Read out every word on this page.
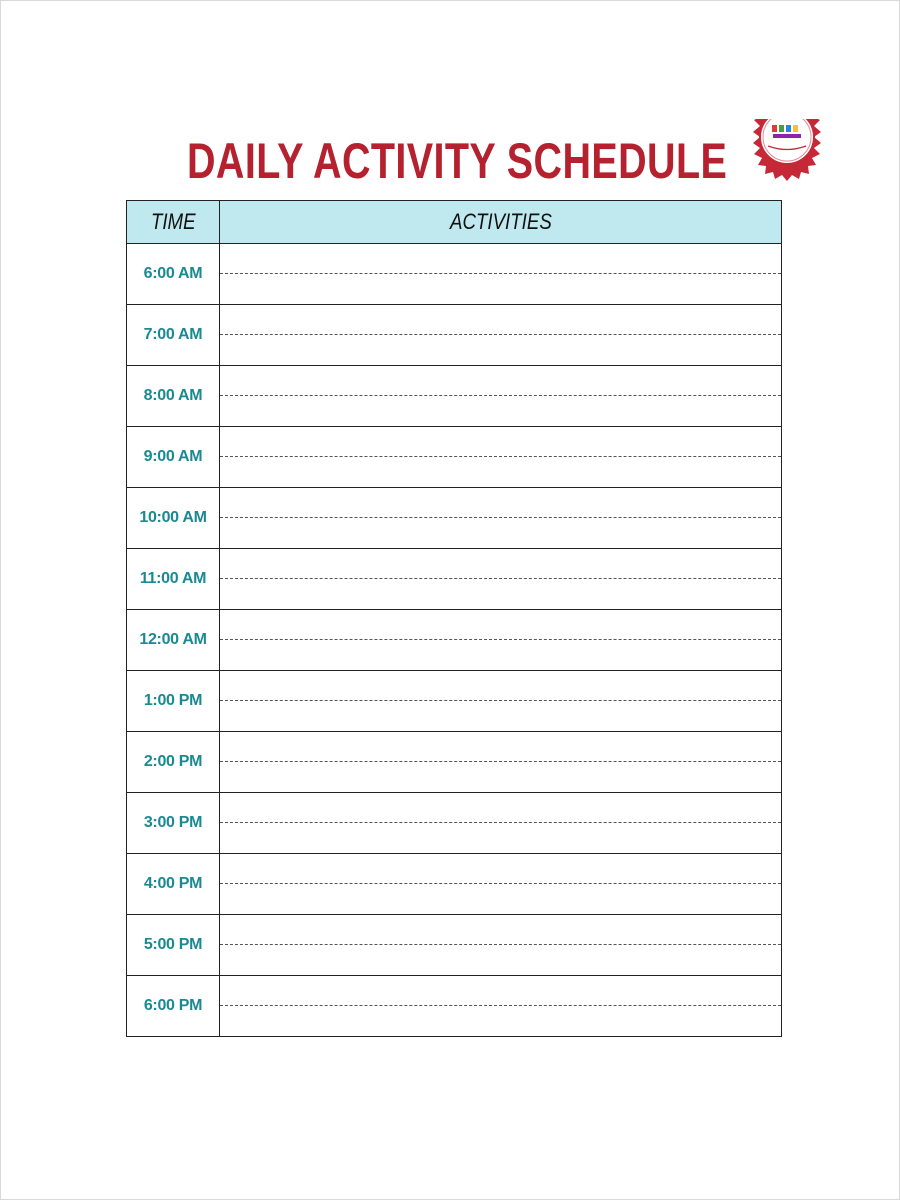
DAILY ACTIVITY SCHEDULE
TIME	ACTIVITIES
6:00 AM	

7:00 AM	

8:00 AM	

9:00 AM	

10:00 AM	

11:00 AM	

12:00 AM	

1:00 PM	

2:00 PM	

3:00 PM	

4:00 PM	

5:00 PM	

6:00 PM	
